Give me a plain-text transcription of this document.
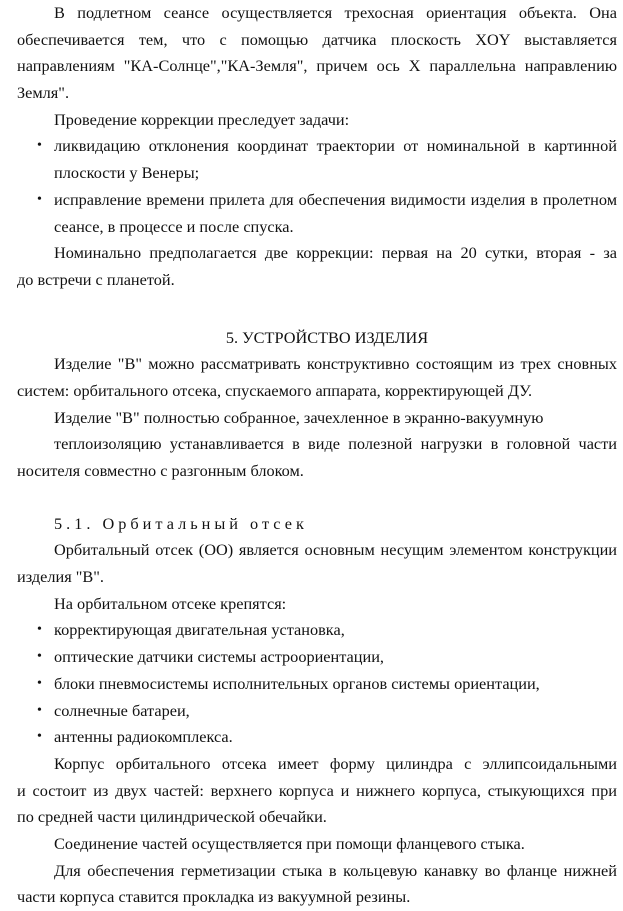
В подлетном сеансе осуществляется трехосная ориентация объекта. Она
обеспечивается тем, что с помощью датчика плоскость XOY выставляется
направлениям "КА-Солнце","КА-Земля", причем ось X параллельна направлению
Земля".
Проведение коррекции преследует задачи:
• ликвидацию отклонения координат траектории от номинальной в картинной
плоскости у Венеры;
• исправление времени прилета для обеспечения видимости изделия в пролетном
сеансе, в процессе и после спуска.
Номинально предполагается две коррекции: первая на 20 сутки, вторая - за
до встречи с планетой.
5. УСТРОЙСТВО ИЗДЕЛИЯ
Изделие "В" можно рассматривать конструктивно состоящим из трех сновных
систем: орбитального отсека, спускаемого аппарата, корректирующей ДУ.
Изделие "В" полностью собранное, зачехленное в экранно-вакуумную
теплоизоляцию устанавливается в виде полезной нагрузки в головной части
носителя совместно с разгонным блоком.
5.1. Орбитальный отсек
Орбитальный отсек (ОО) является основным несущим элементом конструкции
изделия "В".
На орбитальном отсеке крепятся:
• корректирующая двигательная установка,
• оптические датчики системы астроориентации,
• блоки пневмосистемы исполнительных органов системы ориентации,
• солнечные батареи,
• антенны радиокомплекса.
Корпус орбитального отсека имеет форму цилиндра с эллипсоидальными
и состоит из двух частей: верхнего корпуса и нижнего корпуса, стыкующихся при
по средней части цилиндрической обечайки.
Соединение частей осуществляется при помощи фланцевого стыка.
Для обеспечения герметизации стыка в кольцевую канавку во фланце нижней
части корпуса ставится прокладка из вакуумной резины.
